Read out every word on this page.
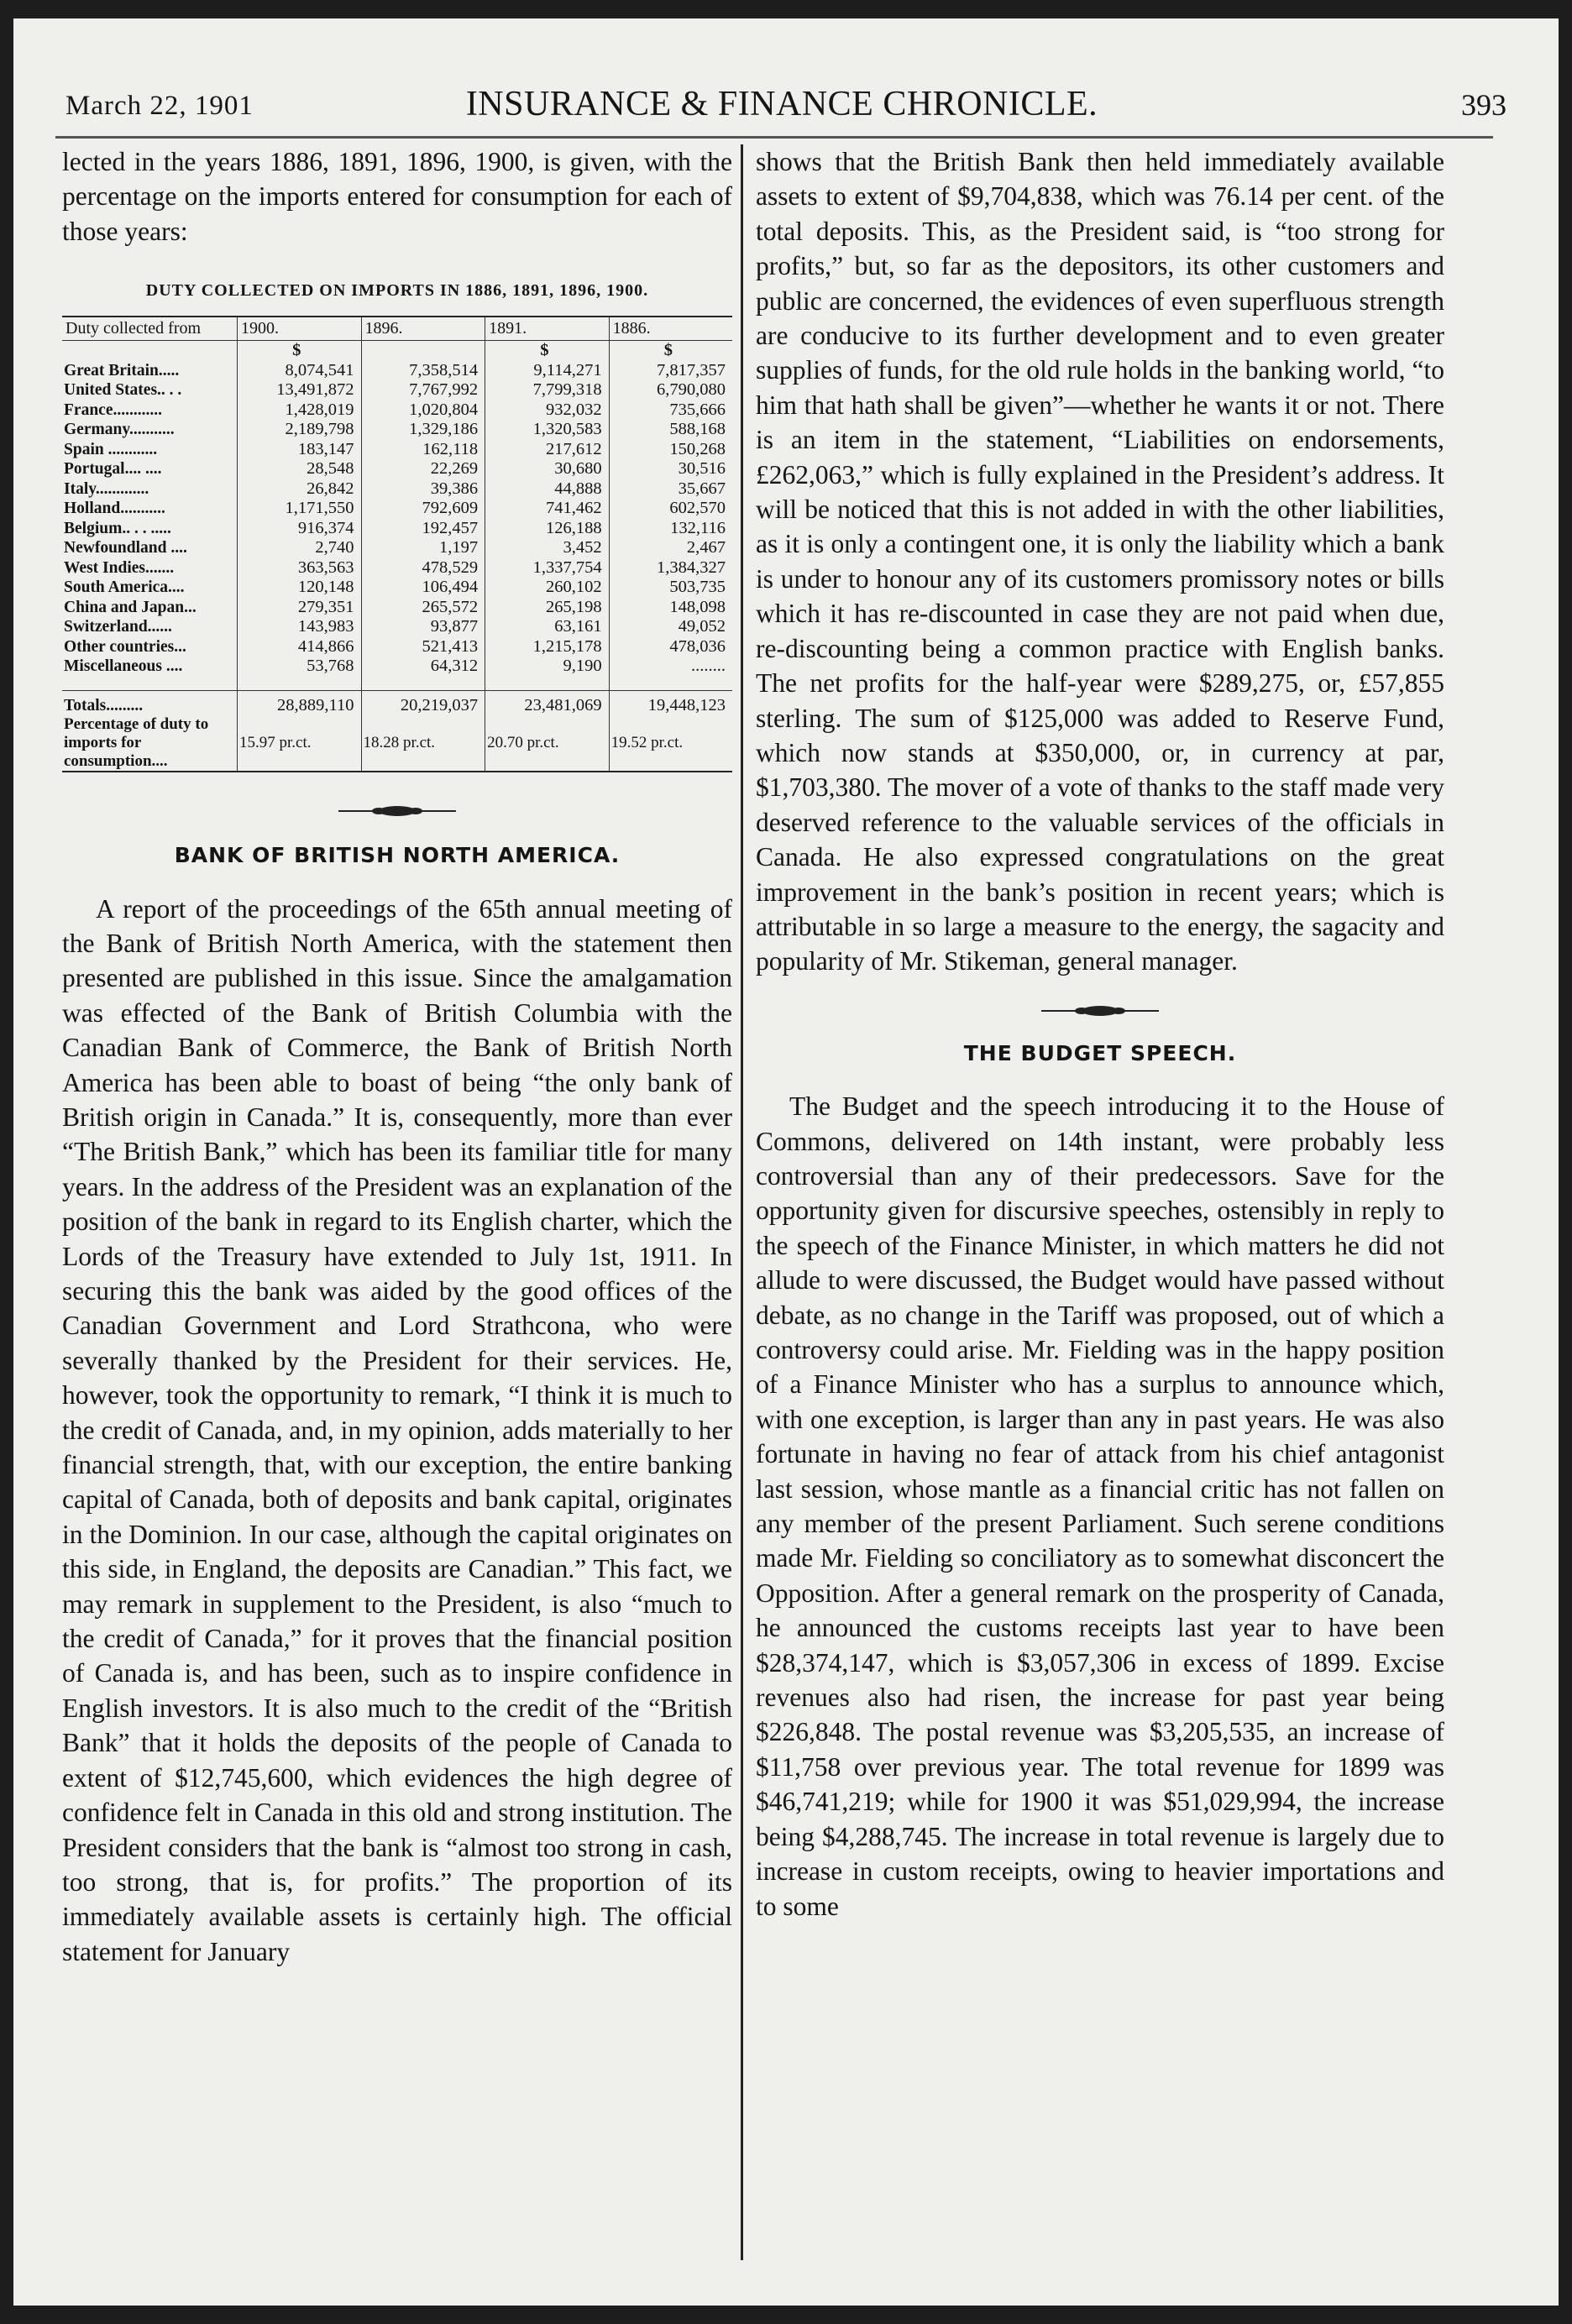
March 22, 1901	INSURANCE & FINANCE CHRONICLE.	393

lected in the years 1886, 1891, 1896, 1900, is given, with the percentage on the imports entered for consumption for each of those years:

DUTY COLLECTED ON IMPORTS IN 1886, 1891, 1896, 1900.
Duty collected from	1900.	1896.	1891.	1886.
	$		$	$
Great Britain.....	8,074,541	7,358,514	9,114,271	7,817,357
United States.. . .	13,491,872	7,767,992	7,799,318	6,790,080
France............	1,428,019	1,020,804	932,032	735,666
Germany...........	2,189,798	1,329,186	1,320,583	588,168
Spain ............	183,147	162,118	217,612	150,268
Portugal.... ....	28,548	22,269	30,680	30,516
Italy.............	26,842	39,386	44,888	35,667
Holland...........	1,171,550	792,609	741,462	602,570
Belgium.. . . .....	916,374	192,457	126,188	132,116
Newfoundland ....	2,740	1,197	3,452	2,467
West Indies.......	363,563	478,529	1,337,754	1,384,327
South America....	120,148	106,494	260,102	503,735
China and Japan...	279,351	265,572	265,198	148,098
Switzerland......	143,983	93,877	63,161	49,052
Other countries...	414,866	521,413	1,215,178	478,036
Miscellaneous ....	53,768	64,312	9,190	........

Totals.........	28,889,110	20,219,037	23,481,069	19,448,123
Percentage of duty to imports for consumption....	15.97 pr.ct.	18.28 pr.ct.	20.70 pr.ct.	19.52 pr.ct.
BANK OF BRITISH NORTH AMERICA.

A report of the proceedings of the 65th annual meeting of the Bank of British North America, with the statement then presented are published in this issue. Since the amalgamation was effected of the Bank of British Columbia with the Canadian Bank of Commerce, the Bank of British North America has been able to boast of being “the only bank of British origin in Canada.” It is, consequently, more than ever “The British Bank,” which has been its familiar title for many years. In the address of the President was an explanation of the position of the bank in regard to its English charter, which the Lords of the Treasury have extended to July 1st, 1911. In securing this the bank was aided by the good offices of the Canadian Government and Lord Strathcona, who were severally thanked by the President for their services. He, however, took the opportunity to remark, “I think it is much to the credit of Canada, and, in my opinion, adds materially to her financial strength, that, with our exception, the entire banking capital of Canada, both of deposits and bank capital, originates in the Dominion. In our case, although the capital originates on this side, in England, the deposits are Canadian.” This fact, we may remark in supplement to the President, is also “much to the credit of Canada,” for it proves that the financial position of Canada is, and has been, such as to inspire confidence in English investors. It is also much to the credit of the “British Bank” that it holds the deposits of the people of Canada to extent of $12,745,600, which evidences the high degree of confidence felt in Canada in this old and strong institution. The President considers that the bank is “almost too strong in cash, too strong, that is, for profits.” The proportion of its immediately available assets is certainly high. The official statement for January

shows that the British Bank then held immediately available assets to extent of $9,704,838, which was 76.14 per cent. of the total deposits. This, as the President said, is “too strong for profits,” but, so far as the depositors, its other customers and public are concerned, the evidences of even superfluous strength are conducive to its further development and to even greater supplies of funds, for the old rule holds in the banking world, “to him that hath shall be given”—whether he wants it or not. There is an item in the statement, “Liabilities on endorsements, £262,063,” which is fully explained in the President’s address. It will be noticed that this is not added in with the other liabilities, as it is only a contingent one, it is only the liability which a bank is under to honour any of its customers promissory notes or bills which it has re-discounted in case they are not paid when due, re-discounting being a common practice with English banks. The net profits for the half-year were $289,275, or, £57,855 sterling. The sum of $125,000 was added to Reserve Fund, which now stands at $350,000, or, in currency at par, $1,703,380. The mover of a vote of thanks to the staff made very deserved reference to the valuable services of the officials in Canada. He also expressed congratulations on the great improvement in the bank’s position in recent years; which is attributable in so large a measure to the energy, the sagacity and popularity of Mr. Stikeman, general manager.

THE BUDGET SPEECH.

The Budget and the speech introducing it to the House of Commons, delivered on 14th instant, were probably less controversial than any of their predecessors. Save for the opportunity given for discursive speeches, ostensibly in reply to the speech of the Finance Minister, in which matters he did not allude to were discussed, the Budget would have passed without debate, as no change in the Tariff was proposed, out of which a controversy could arise. Mr. Fielding was in the happy position of a Finance Minister who has a surplus to announce which, with one exception, is larger than any in past years. He was also fortunate in having no fear of attack from his chief antagonist last session, whose mantle as a financial critic has not fallen on any member of the present Parliament. Such serene conditions made Mr. Fielding so conciliatory as to somewhat disconcert the Opposition. After a general remark on the prosperity of Canada, he announced the customs receipts last year to have been $28,374,147, which is $3,057,306 in excess of 1899. Excise revenues also had risen, the increase for past year being $226,848. The postal revenue was $3,205,535, an increase of $11,758 over previous year. The total revenue for 1899 was $46,741,219; while for 1900 it was $51,029,994, the increase being $4,288,745. The increase in total revenue is largely due to increase in custom receipts, owing to heavier importations and to some
